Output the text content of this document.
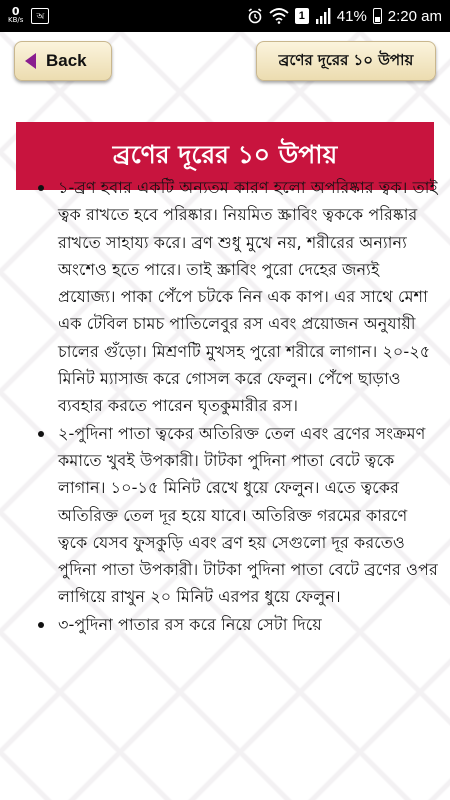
0
KB/s	অ	1 41% 2:20 am
Back	ব্রণের দূরের ১০ উপায়
ব্রণের দূরের ১০ উপায়
১-ব্রণ হবার একটি অন্যতম কারণ হলো অপরিষ্কার ত্বক। তাই ত্বক রাখতে হবে পরিষ্কার। নিয়মিত স্ক্রাবিং ত্বককে পরিষ্কার রাখতে সাহায্য করে। ব্রণ শুধু মুখে নয়, শরীরের অন্যান্য অংশেও হতে পারে। তাই স্ক্রাবিং পুরো দেহের জন্যই প্রযোজ্য। পাকা পেঁপে চটকে নিন এক কাপ। এর সাথে মেশা এক টেবিল চামচ পাতিলেবুর রস এবং প্রয়োজন অনুযায়ী চালের গুঁড়ো। মিশ্রণটি মুখসহ পুরো শরীরে লাগান। ২০-২৫ মিনিট ম্যাসাজ করে গোসল করে ফেলুন। পেঁপে ছাড়াও ব্যবহার করতে পারেন ঘৃতকুমারীর রস।
২-পুদিনা পাতা ত্বকের অতিরিক্ত তেল এবং ব্রণের সংক্রমণ কমাতে খুবই উপকারী। টাটকা পুদিনা পাতা বেটে ত্বকে লাগান। ১০-১৫ মিনিট রেখে ধুয়ে ফেলুন। এতে ত্বকের অতিরিক্ত তেল দূর হয়ে যাবে। অতিরিক্ত গরমের কারণে ত্বকে যেসব ফুসকুড়ি এবং ব্রণ হয় সেগুলো দূর করতেও পুদিনা পাতা উপকারী। টাটকা পুদিনা পাতা বেটে ব্রণের ওপর লাগিয়ে রাখুন ২০ মিনিট এরপর ধুয়ে ফেলুন।
৩-পুদিনা পাতার রস করে নিয়ে সেটা দিয়ে
